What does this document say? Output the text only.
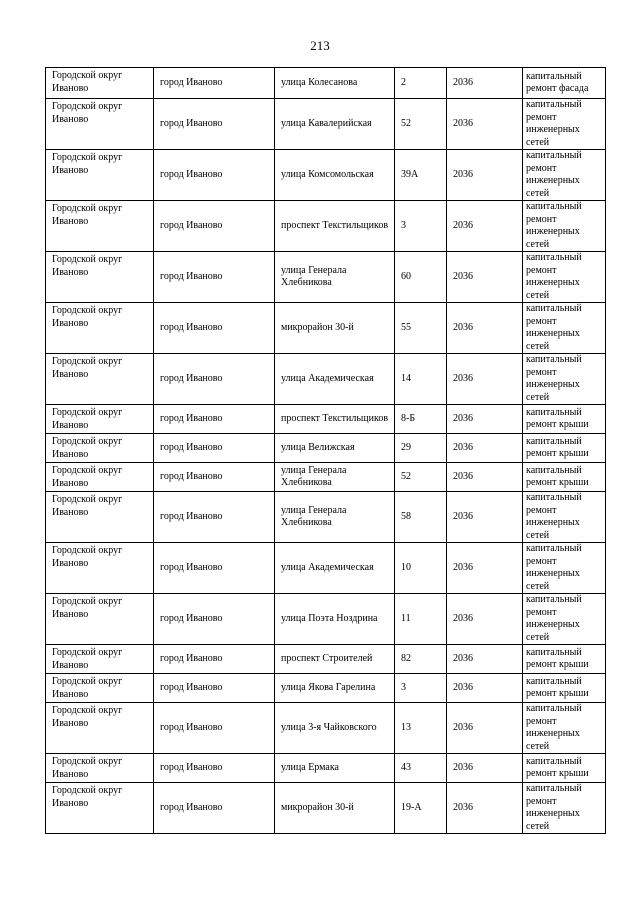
213
Городской округ Иваново	город Иваново	улица Колесанова	2	2036	капитальный ремонт фасада
Городской округ Иваново	город Иваново	улица Кавалерийская	52	2036	капитальный ремонт инженерных сетей
Городской округ Иваново	город Иваново	улица Комсомольская	39А	2036	капитальный ремонт инженерных сетей
Городской округ Иваново	город Иваново	проспект Текстильщиков	3	2036	капитальный ремонт инженерных сетей
Городской округ Иваново	город Иваново	улица Генерала Хлебникова	60	2036	капитальный ремонт инженерных сетей
Городской округ Иваново	город Иваново	микрорайон 30-й	55	2036	капитальный ремонт инженерных сетей
Городской округ Иваново	город Иваново	улица Академическая	14	2036	капитальный ремонт инженерных сетей
Городской округ Иваново	город Иваново	проспект Текстильщиков	8-Б	2036	капитальный ремонт крыши
Городской округ Иваново	город Иваново	улица Велижская	29	2036	капитальный ремонт крыши
Городской округ Иваново	город Иваново	улица Генерала Хлебникова	52	2036	капитальный ремонт крыши
Городской округ Иваново	город Иваново	улица Генерала Хлебникова	58	2036	капитальный ремонт инженерных сетей
Городской округ Иваново	город Иваново	улица Академическая	10	2036	капитальный ремонт инженерных сетей
Городской округ Иваново	город Иваново	улица Поэта Ноздрина	11	2036	капитальный ремонт инженерных сетей
Городской округ Иваново	город Иваново	проспект Строителей	82	2036	капитальный ремонт крыши
Городской округ Иваново	город Иваново	улица Якова Гарелина	3	2036	капитальный ремонт крыши
Городской округ Иваново	город Иваново	улица 3-я Чайковского	13	2036	капитальный ремонт инженерных сетей
Городской округ Иваново	город Иваново	улица Ермака	43	2036	капитальный ремонт крыши
Городской округ Иваново	город Иваново	микрорайон 30-й	19-А	2036	капитальный ремонт инженерных сетей
